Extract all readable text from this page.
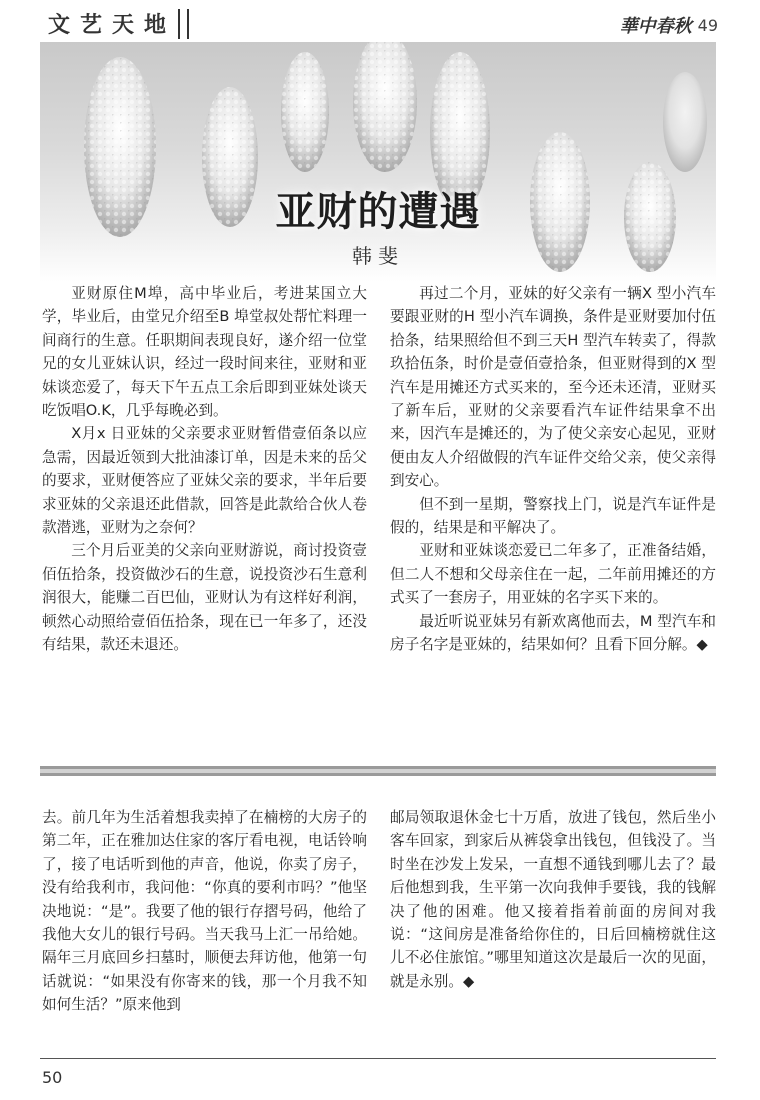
文艺天地	華中春秋 49
亚财的遭遇
韩斐

亚财原住M埠，高中毕业后，考进某国立大学，毕业后，由堂兄介绍至B 埠堂叔处帮忙料理一间商行的生意。任职期间表现良好，遂介绍一位堂兄的女儿亚妹认识，经过一段时间来往，亚财和亚妹谈恋爱了，每天下午五点工余后即到亚妹处谈天吃饭唱O.K，几乎每晚必到。

X月x 日亚妹的父亲要求亚财暂借壹佰条以应急需，因最近领到大批油漆订单，因是未来的岳父的要求，亚财便答应了亚妹父亲的要求，半年后要求亚妹的父亲退还此借款，回答是此款给合伙人卷款潜逃，亚财为之奈何？

三个月后亚美的父亲向亚财游说，商讨投资壹佰伍拾条，投资做沙石的生意，说投资沙石生意利润很大，能赚二百巴仙，亚财认为有这样好利润，顿然心动照给壹佰伍拾条，现在已一年多了，还没有结果，款还未退还。

再过二个月，亚妹的好父亲有一辆X 型小汽车要跟亚财的H 型小汽车调换，条件是亚财要加付伍拾条，结果照给但不到三天H 型汽车转卖了，得款玖拾伍条，时价是壹佰壹拾条，但亚财得到的X 型汽车是用摊还方式买来的，至今还未还清，亚财买了新车后，亚财的父亲要看汽车证件结果拿不出来，因汽车是摊还的，为了使父亲安心起见，亚财便由友人介绍做假的汽车证件交给父亲，使父亲得到安心。

但不到一星期，警察找上门，说是汽车证件是假的，结果是和平解决了。

亚财和亚妹谈恋爱已二年多了，正准备结婚，但二人不想和父母亲住在一起，二年前用摊还的方式买了一套房子，用亚妹的名字买下来的。

最近听说亚妹另有新欢离他而去，M 型汽车和房子名字是亚妹的，结果如何？且看下回分解。◆

去。前几年为生活着想我卖掉了在楠榜的大房子的第二年，正在雅加达住家的客厅看电视，电话铃响了，接了电话听到他的声音，他说，你卖了房子，没有给我利市，我问他：“你真的要利市吗？”他坚决地说：“是”。我要了他的银行存摺号码，他给了我他大女儿的银行号码。当天我马上汇一吊给她。隔年三月底回乡扫墓时，顺便去拜访他，他第一句话就说：“如果没有你寄来的钱，那一个月我不知如何生活？”原来他到

邮局领取退休金七十万盾，放进了钱包，然后坐小客车回家，到家后从裤袋拿出钱包，但钱没了。当时坐在沙发上发呆，一直想不通钱到哪儿去了？最后他想到我，生平第一次向我伸手要钱，我的钱解决了他的困难。他又接着指着前面的房间对我说：“这间房是准备给你住的，日后回楠榜就住这儿不必住旅馆。”哪里知道这次是最后一次的见面，就是永别。◆

50
